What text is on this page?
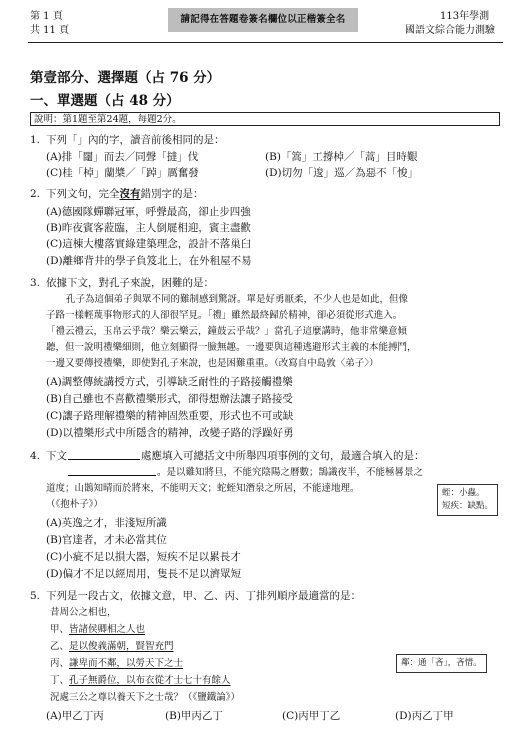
第 1 頁
共 11 頁
請記得在答題卷簽名欄位以正楷簽全名	113年學測
國語文綜合能力測驗
第壹部分、選擇題（占 76 分）
一、單選題（占 48 分）
說明：第1題至第24題，每題2分。
1. 下列「」內的字，讀音前後相同的是：
(A)排「闥」而去／同聲「撻」伐	(B)「篙」工撐棹／「蒿」目時艱
(C)桂「棹」蘭槳／「踔」厲奮發	(D)切勿「逡」巡／為惡不「悛」
2. 下列文句，完全沒有錯別字的是：
(A)德國隊蟬聯冠軍，呼聲最高，卻止步四強
(B)昨夜賓客蒞臨，主人倒屣相迎，賓主盡歡
(C)這棟大樓落實綠建築理念，設計不落巢臼
(D)離鄉背井的學子負笈北上，在外租屋不易
3. 依據下文，對孔子來說，困難的是：
孔子為這個弟子與眾不同的難制感到驚訝。單是好勇厭柔，不少人也是如此，但像
子路一樣輕蔑事物形式的人卻很罕見。「禮」雖然最終歸於精神，卻必須從形式進入。
「禮云禮云，玉帛云乎哉？樂云樂云，鐘鼓云乎哉？」當孔子這麼講時，他非常樂意傾
聽，但一說明禮樂細則，他立刻顯得一臉無趣。一邊要與這種逃避形式主義的本能搏鬥，
一邊又要傳授禮樂，即使對孔子來說，也是困難重重。（改寫自中島敦〈弟子〉）
(A)調整傳統講授方式，引導缺乏耐性的子路接觸禮樂
(B)自己雖也不喜歡禮樂形式，卻得想辦法讓子路接受
(C)讓子路理解禮樂的精神固然重要，形式也不可或缺
(D)以禮樂形式中所隱含的精神，改變子路的浮躁好勇
4. 下文	處應填入可總括文中所舉四項事例的文句，最適合填入的是：
。是以雞知將旦，不能究陰陽之曆數；鵠識夜半，不能極晷景之
道度；山鵲知晴而於將來，不能明天文；蛇蛭知潛泉之所居，不能達地理。
（《抱朴子》）
蛭：小蟲。
短疾：缺點。
(A)英逸之才，非淺短所識
(B)官達者，才未必當其位
(C)小疵不足以損大器，短疾不足以累長才
(D)偏才不足以經周用，隻長不足以濟眾短
5. 下列是一段古文，依據文意，甲、乙、丙、丁排列順序最適當的是：
昔周公之相也，
甲、皆諸侯卿相之人也
乙、是以俊義滿朝，賢智充門
丙、謙卑而不鄰，以勞天下之士
丁、孔子無爵位，以布衣從才士七十有餘人
況處三公之尊以養天下之士哉？（《鹽鐵論》）
鄰：通「吝」，吝惜。
(A)甲乙丁丙	(B)甲丙乙丁	(C)丙甲丁乙	(D)丙乙丁甲
